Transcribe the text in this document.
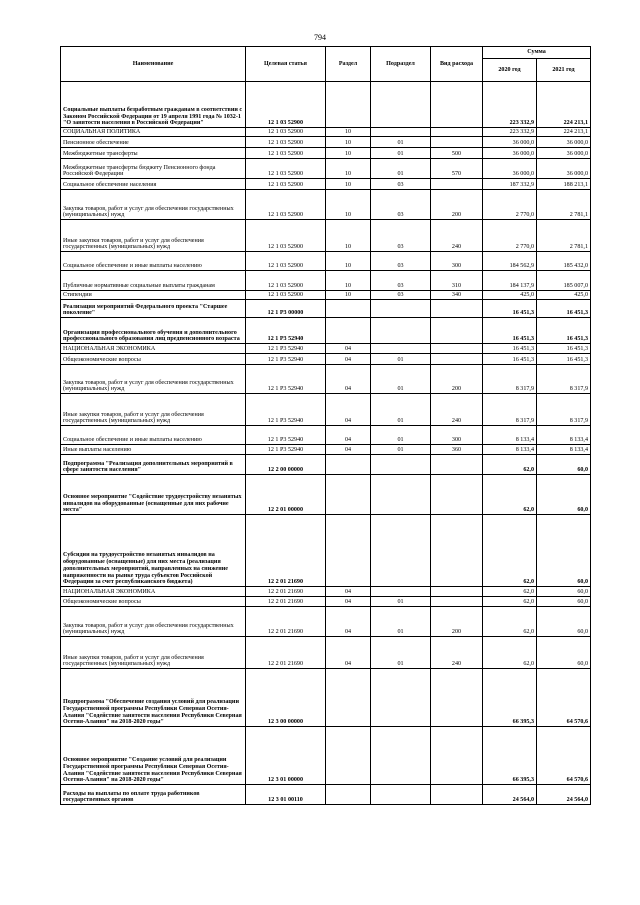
794
Наименование	Целевая статья	Раздел	Подраздел	Вид расхода	Сумма	
					2020 год	2021 год
Социальные выплаты безработным гражданам в соответствии с Законом Российской Федерации от 19 апреля 1991 года № 1032-1 "О занятости населения в Российской Федерации"	12 1 03 52900				223 332,9	224 213,1
СОЦИАЛЬНАЯ ПОЛИТИКА	12 1 03 52900	10			223 332,9	224 213,1
Пенсионное обеспечение	12 1 03 52900	10	01		36 000,0	36 000,0
Межбюджетные трансферты	12 1 03 52900	10	01	500	36 000,0	36 000,0
Межбюджетные трансферты бюджету Пенсионного фонда Российской Федерации	12 1 03 52900	10	01	570	36 000,0	36 000,0
Социальное обеспечение населения	12 1 03 52900	10	03		187 332,9	188 213,1
Закупка товаров, работ и услуг для обеспечения государственных (муниципальных) нужд	12 1 03 52900	10	03	200	2 770,0	2 781,1
Иные закупки товаров, работ и услуг для обеспечения государственных (муниципальных) нужд	12 1 03 52900	10	03	240	2 770,0	2 781,1
Социальное обеспечение и иные выплаты населению	12 1 03 52900	10	03	300	184 562,9	185 432,0
Публичные нормативные социальные выплаты гражданам	12 1 03 52900	10	03	310	184 137,9	185 007,0
Стипендии	12 1 03 52900	10	03	340	425,0	425,0
Реализация мероприятий Федерального проекта "Старшее поколение"	12 1 P3 00000				16 451,3	16 451,3
Организация профессионального обучения и дополнительного профессионального образования лиц предпенсионного возраста	12 1 P3 52940				16 451,3	16 451,3
НАЦИОНАЛЬНАЯ ЭКОНОМИКА	12 1 P3 52940	04			16 451,3	16 451,3
Общеэкономические вопросы	12 1 P3 52940	04	01		16 451,3	16 451,3
Закупка товаров, работ и услуг для обеспечения государственных (муниципальных) нужд	12 1 P3 52940	04	01	200	8 317,9	8 317,9
Иные закупки товаров, работ и услуг для обеспечения государственных (муниципальных) нужд	12 1 P3 52940	04	01	240	8 317,9	8 317,9
Социальное обеспечение и иные выплаты населению	12 1 P3 52940	04	01	300	8 133,4	8 133,4
Иные выплаты населению	12 1 P3 52940	04	01	360	8 133,4	8 133,4
Подпрограмма "Реализация дополнительных мероприятий в сфере занятости населения"	12 2 00 00000				62,0	60,0
Основное мероприятие "Содействие трудоустройству незанятых инвалидов на оборудованные (оснащенные для них рабочие места"	12 2 01 00000				62,0	60,0
Субсидии на трудоустройство незанятых инвалидов на оборудованные (оснащенные) для них места (реализация дополнительных мероприятий, направленных на снижение напряженности на рынке труда субъектов Российской Федерации за счет республиканского бюджета)	12 2 01 21690				62,0	60,0
НАЦИОНАЛЬНАЯ ЭКОНОМИКА	12 2 01 21690	04			62,0	60,0
Общеэкономические вопросы	12 2 01 21690	04	01		62,0	60,0
Закупка товаров, работ и услуг для обеспечения государственных (муниципальных) нужд	12 2 01 21690	04	01	200	62,0	60,0
Иные закупки товаров, работ и услуг для обеспечения государственных (муниципальных) нужд	12 2 01 21690	04	01	240	62,0	60,0
Подпрограмма "Обеспечение создания условий для реализации Государственной программы Республики Северная Осетия-Алания "Содействие занятости населения Республики Северная Осетия-Алания" на 2018-2020 годы"	12 3 00 00000				66 395,3	64 570,6
Основное мероприятие "Создание условий для реализации Государственной программы Республики Северная Осетия-Алания "Содействие занятости населения Республики Северная Осетия-Алания" на 2018-2020 годы"	12 3 01 00000				66 395,3	64 570,6
Расходы на выплаты по оплате труда работников государственных органов	12 3 01 00110				24 564,0	24 564,0
